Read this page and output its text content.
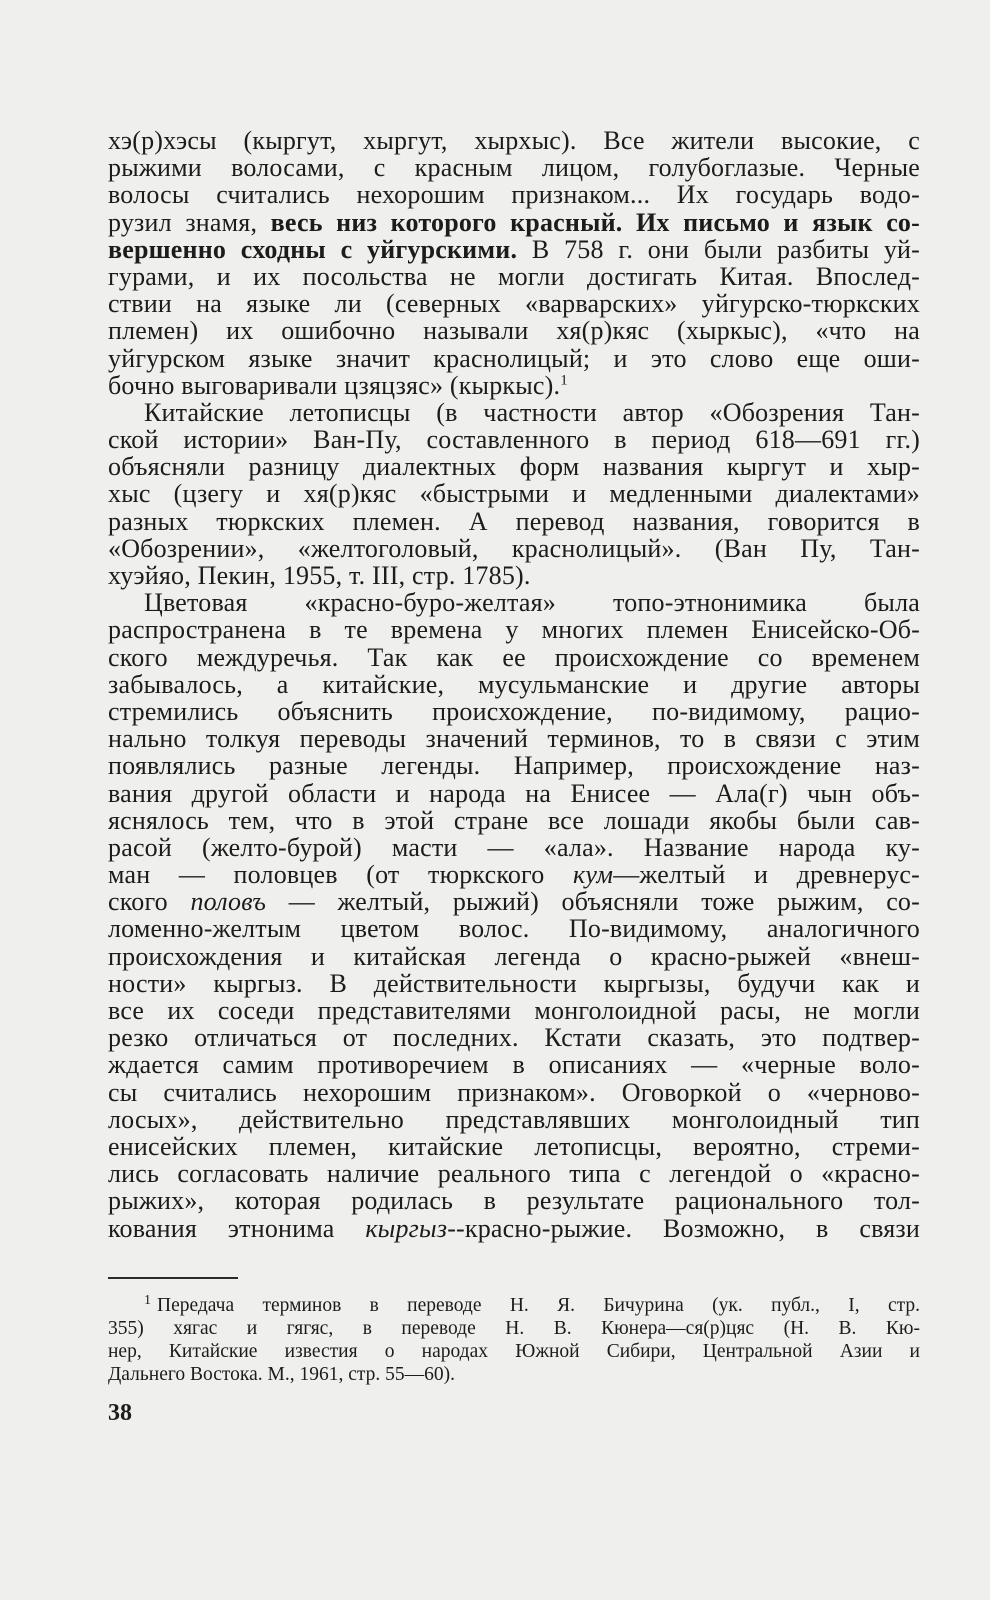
хэ(р)хэсы (кыргут, хыргут, хырхыс). Все жители высокие, с
рыжими волосами, с красным лицом, голубоглазые. Черные
волосы считались нехорошим признаком... Их государь водо-
рузил знамя, весь низ которого красный. Их письмо и язык со-
вершенно сходны с уйгурскими. В 758 г. они были разбиты уй-
гурами, и их посольства не могли достигать Китая. Впослед-
ствии на языке ли (северных «варварских» уйгурско-тюркских
племен) их ошибочно называли хя(р)кяс (хыркыс), «что на
уйгурском языке значит краснолицый; и это слово еще оши-
бочно выговаривали цзяцзяс» (кыркыс).$^1$
Китайские летописцы (в частности автор «Обозрения Тан-
ской истории» Ван-Пу, составленного в период 618—691 гг.)
объясняли разницу диалектных форм названия кыргут и хыр-
хыс (цзегу и хя(р)кяс «быстрыми и медленными диалектами»
разных тюркских племен. А перевод названия, говорится в
«Обозрении», «желтоголовый, краснолицый». (Ван Пу, Тан-
хуэйяо, Пекин, 1955, т. III, стр. 1785).
Цветовая «красно-буро-желтая» топо-этнонимика была
распространена в те времена у многих племен Енисейско-Об-
ского междуречья. Так как ее происхождение со временем
забывалось, а китайские, мусульманские и другие авторы
стремились объяснить происхождение, по-видимому, рацио-
нально толкуя переводы значений терминов, то в связи с этим
появлялись разные легенды. Например, происхождение наз-
вания другой области и народа на Енисее — Ала(г) чын объ-
яснялось тем, что в этой стране все лошади якобы были сав-
расой (желто-бурой) масти — «ала». Название народа ку-
ман — половцев (от тюркского кум—желтый и древнерус-
ского половъ — желтый, рыжий) объясняли тоже рыжим, со-
ломенно-желтым цветом волос. По-видимому, аналогичного
происхождения и китайская легенда о красно-рыжей «внеш-
ности» кыргыз. В действительности кыргызы, будучи как и
все их соседи представителями монголоидной расы, не могли
резко отличаться от последних. Кстати сказать, это подтвер-
ждается самим противоречием в описаниях — «черные воло-
сы считались нехорошим признаком». Оговоркой о «черново-
лосых», действительно представлявших монголоидный тип
енисейских племен, китайские летописцы, вероятно, стреми-
лись согласовать наличие реального типа с легендой о «красно-
рыжих», которая родилась в результате рационального тол-
кования этнонима кыргыз--красно-рыжие. Возможно, в связи
$^1$ Передача терминов в переводе Н. Я. Бичурина (ук. публ., I, стр.
355) хягас и гягяс, в переводе Н. В. Кюнера—ся(р)цяс (Н. В. Кю-
нер, Китайские известия о народах Южной Сибири, Центральной Азии и
Дальнего Востока. М., 1961, стр. 55—60).
38
